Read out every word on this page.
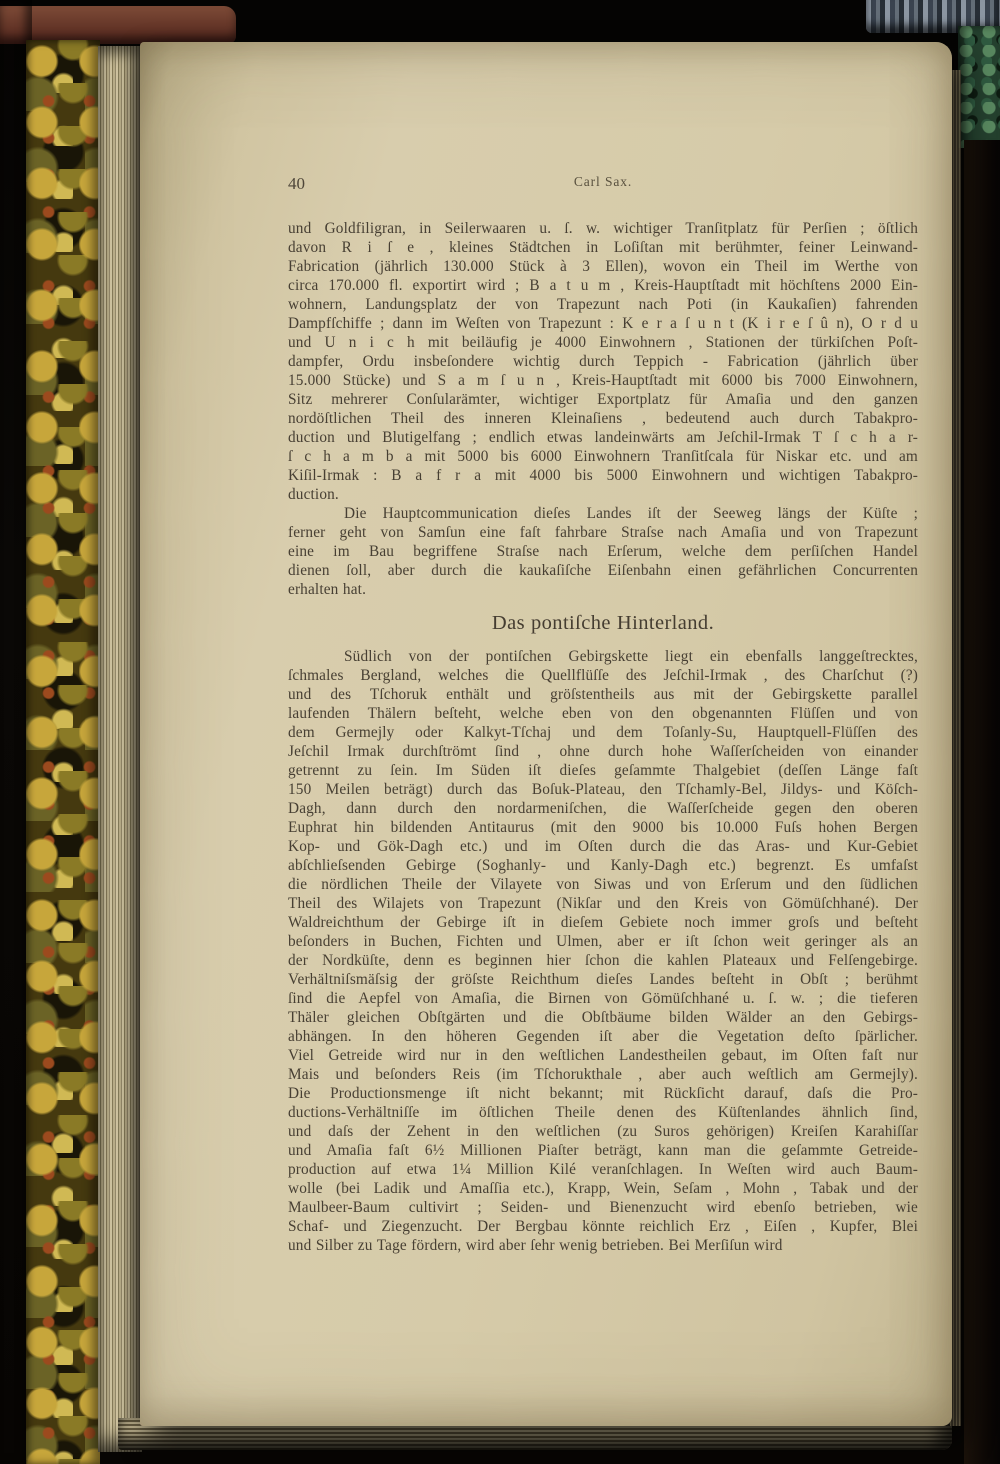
40	Carl Sax.
und Goldfiligran, in Seilerwaaren u. ſ. w. wichtiger Tranſitplatz für Perſien ; öſtlich
davon R i ſ e , kleines Städtchen in Loſiſtan mit berühmter, feiner Leinwand-
Fabrication (jährlich 130.000 Stück à 3 Ellen), wovon ein Theil im Werthe von
circa 170.000 fl. exportirt wird ; B a t u m , Kreis-Hauptſtadt mit höchſtens 2000 Ein-
wohnern, Landungsplatz der von Trapezunt nach Poti (in Kaukaſien) fahrenden
Dampfſchiffe ; dann im Weſten von Trapezunt : K e r a ſ u n t (K i r e ſ û n), O r d u
und U n i c h mit beiläufig je 4000 Einwohnern , Stationen der türkiſchen Poſt-
dampfer, Ordu insbeſondere wichtig durch Teppich - Fabrication (jährlich über
15.000 Stücke) und S a m ſ u n , Kreis-Hauptſtadt mit 6000 bis 7000 Einwohnern,
Sitz mehrerer Conſularämter, wichtiger Exportplatz für Amaſia und den ganzen
nordöſtlichen Theil des inneren Kleinaſiens , bedeutend auch durch Tabakpro-
duction und Blutigelfang ; endlich etwas landeinwärts am Jeſchil-Irmak T ſ c h a r-
ſ c h a m b a mit 5000 bis 6000 Einwohnern Tranſitſcala für Niskar etc. und am
Kiſil-Irmak : B a f r a mit 4000 bis 5000 Einwohnern und wichtigen Tabakpro-
duction.
Die Hauptcommunication dieſes Landes iſt der Seeweg längs der Küſte ;
ferner geht von Samſun eine faſt fahrbare Straſse nach Amaſia und von Trapezunt
eine im Bau begriffene Straſse nach Erſerum, welche dem perſiſchen Handel
dienen ſoll, aber durch die kaukaſiſche Eiſenbahn einen gefährlichen Concurrenten
erhalten hat.
Das pontiſche Hinterland.
Südlich von der pontiſchen Gebirgskette liegt ein ebenfalls langgeſtrecktes,
ſchmales Bergland, welches die Quellflüſſe des Jeſchil-Irmak , des Charſchut (?)
und des Tſchoruk enthält und gröſstentheils aus mit der Gebirgskette parallel
laufenden Thälern beſteht, welche eben von den obgenannten Flüſſen und von
dem Germejly oder Kalkyt-Tſchaj und dem Toſanly-Su, Hauptquell-Flüſſen des
Jeſchil Irmak durchſtrömt ſind , ohne durch hohe Waſſerſcheiden von einander
getrennt zu ſein. Im Süden iſt dieſes geſammte Thalgebiet (deſſen Länge faſt
150 Meilen beträgt) durch das Boſuk-Plateau, den Tſchamly-Bel, Jildys- und Köſch-
Dagh, dann durch den nordarmeniſchen, die Waſſerſcheide gegen den oberen
Euphrat hin bildenden Antitaurus (mit den 9000 bis 10.000 Fuſs hohen Bergen
Kop- und Gök-Dagh etc.) und im Oſten durch die das Aras- und Kur-Gebiet
abſchlieſsenden Gebirge (Soghanly- und Kanly-Dagh etc.) begrenzt. Es umfaſst
die nördlichen Theile der Vilayete von Siwas und von Erſerum und den ſüdlichen
Theil des Wilajets von Trapezunt (Nikſar und den Kreis von Gömüſchhané). Der
Waldreichthum der Gebirge iſt in dieſem Gebiete noch immer groſs und beſteht
beſonders in Buchen, Fichten und Ulmen, aber er iſt ſchon weit geringer als an
der Nordküſte, denn es beginnen hier ſchon die kahlen Plateaux und Felſengebirge.
Verhältniſsmäſsig der gröſste Reichthum dieſes Landes beſteht in Obſt ; berühmt
ſind die Aepfel von Amaſia, die Birnen von Gömüſchhané u. ſ. w. ; die tieferen
Thäler gleichen Obſtgärten und die Obſtbäume bilden Wälder an den Gebirgs-
abhängen. In den höheren Gegenden iſt aber die Vegetation deſto ſpärlicher.
Viel Getreide wird nur in den weſtlichen Landestheilen gebaut, im Oſten faſt nur
Mais und beſonders Reis (im Tſchorukthale , aber auch weſtlich am Germejly).
Die Productionsmenge iſt nicht bekannt; mit Rückſicht darauf, daſs die Pro-
ductions-Verhältniſſe im öſtlichen Theile denen des Küſtenlandes ähnlich ſind,
und daſs der Zehent in den weſtlichen (zu Suros gehörigen) Kreiſen Karahiſſar
und Amaſia faſt 6½ Millionen Piaſter beträgt, kann man die geſammte Getreide-
production auf etwa 1¼ Million Kilé veranſchlagen. In Weſten wird auch Baum-
wolle (bei Ladik und Amaſſia etc.), Krapp, Wein, Seſam , Mohn , Tabak und der
Maulbeer-Baum cultivirt ; Seiden- und Bienenzucht wird ebenſo betrieben, wie
Schaf- und Ziegenzucht. Der Bergbau könnte reichlich Erz , Eiſen , Kupfer, Blei
und Silber zu Tage fördern, wird aber ſehr wenig betrieben. Bei Merſiſun wird
